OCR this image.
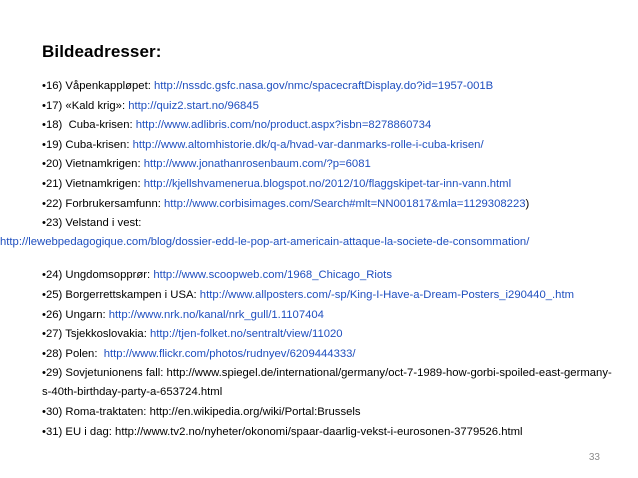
Bildeadresser:
•16) Våpenkappløpet: http://nssdc.gsfc.nasa.gov/nmc/spacecraftDisplay.do?id=1957-001B
•17) «Kald krig»: http://quiz2.start.no/96845
•18)  Cuba-krisen: http://www.adlibris.com/no/product.aspx?isbn=8278860734
•19) Cuba-krisen: http://www.altomhistorie.dk/q-a/hvad-var-danmarks-rolle-i-cuba-krisen/
•20) Vietnamkrigen: http://www.jonathanrosenbaum.com/?p=6081
•21) Vietnamkrigen: http://kjellshvamenerua.blogspot.no/2012/10/flaggskipet-tar-inn-vann.html
•22) Forbrukersamfunn: http://www.corbisimages.com/Search#mlt=NN001817&mla=1129308223)
•23) Velstand i vest:
http://lewebpedagogique.com/blog/dossier-edd-le-pop-art-americain-attaque-la-societe-de-consommation/
•24) Ungdomsopprør: http://www.scoopweb.com/1968_Chicago_Riots
•25) Borgerrettskampen i USA: http://www.allposters.com/-sp/King-I-Have-a-Dream-Posters_i290440_.htm
•26) Ungarn: http://www.nrk.no/kanal/nrk_gull/1.1107404
•27) Tsjekkoslovakia: http://tjen-folket.no/sentralt/view/11020
•28) Polen:  http://www.flickr.com/photos/rudnyev/6209444333/
•29) Sovjetunionens fall: http://www.spiegel.de/international/germany/oct-7-1989-how-gorbi-spoiled-east-germany-s-40th-birthday-party-a-653724.html
•30) Roma-traktaten: http://en.wikipedia.org/wiki/Portal:Brussels
•31) EU i dag: http://www.tv2.no/nyheter/okonomi/spaar-daarlig-vekst-i-eurosonen-3779526.html
33
